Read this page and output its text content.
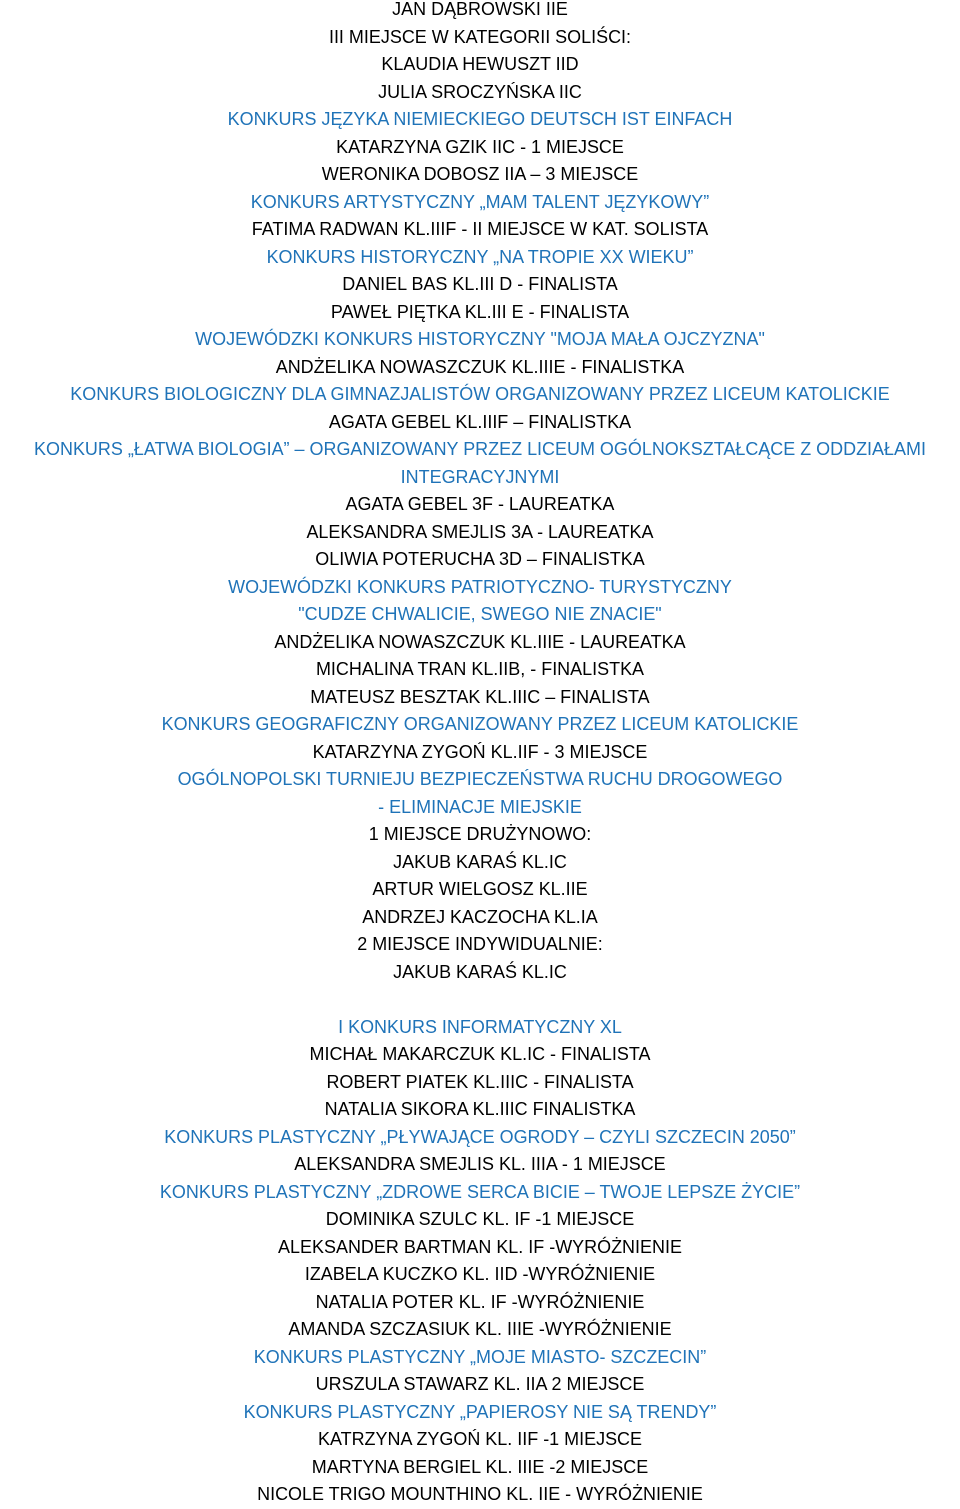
JAN DĄBROWSKI IIE
III MIEJSCE W KATEGORII SOLIŚCI:
KLAUDIA HEWUSZT IID
JULIA SROCZYŃSKA IIC
KONKURS JĘZYKA NIEMIECKIEGO DEUTSCH IST EINFACH
KATARZYNA GZIK IIC - 1 MIEJSCE
WERONIKA DOBOSZ IIA – 3 MIEJSCE
KONKURS ARTYSTYCZNY „MAM TALENT JĘZYKOWY”
FATIMA RADWAN KL.IIIF - II MIEJSCE W KAT. SOLISTA
KONKURS HISTORYCZNY „NA TROPIE XX WIEKU”
DANIEL BAS KL.III D - FINALISTA
PAWEŁ PIĘTKA KL.III E - FINALISTA
WOJEWÓDZKI KONKURS HISTORYCZNY "MOJA MAŁA OJCZYZNA"
ANDŻELIKA NOWASZCZUK KL.IIIE - FINALISTKA
KONKURS BIOLOGICZNY DLA GIMNAZJALISTÓW ORGANIZOWANY PRZEZ LICEUM KATOLICKIE
AGATA GEBEL KL.IIIF – FINALISTKA
KONKURS „ŁATWA BIOLOGIA” – ORGANIZOWANY PRZEZ LICEUM OGÓLNOKSZTAŁCĄCE Z ODDZIAŁAMI
INTEGRACYJNYMI
AGATA GEBEL 3F - LAUREATKA
ALEKSANDRA SMEJLIS 3A - LAUREATKA
OLIWIA POTERUCHA 3D – FINALISTKA
WOJEWÓDZKI KONKURS PATRIOTYCZNO- TURYSTYCZNY
"CUDZE CHWALICIE, SWEGO NIE ZNACIE"
ANDŻELIKA NOWASZCZUK KL.IIIE - LAUREATKA
MICHALINA TRAN KL.IIB, - FINALISTKA
MATEUSZ BESZTAK KL.IIIC – FINALISTA
KONKURS GEOGRAFICZNY ORGANIZOWANY PRZEZ LICEUM KATOLICKIE
KATARZYNA ZYGOŃ KL.IIF - 3 MIEJSCE
OGÓLNOPOLSKI TURNIEJU BEZPIECZEŃSTWA RUCHU DROGOWEGO
- ELIMINACJE MIEJSKIE
1 MIEJSCE DRUŻYNOWO:
JAKUB KARAŚ KL.IC
ARTUR WIELGOSZ KL.IIE
ANDRZEJ KACZOCHA KL.IA
2 MIEJSCE INDYWIDUALNIE:
JAKUB KARAŚ KL.IC
I KONKURS INFORMATYCZNY XL
MICHAŁ MAKARCZUK KL.IC - FINALISTA
ROBERT PIATEK KL.IIIC - FINALISTA
NATALIA SIKORA KL.IIIC FINALISTKA
KONKURS PLASTYCZNY „PŁYWAJĄCE OGRODY – CZYLI SZCZECIN 2050”
ALEKSANDRA SMEJLIS KL. IIIA - 1 MIEJSCE
KONKURS PLASTYCZNY „ZDROWE SERCA BICIE – TWOJE LEPSZE ŻYCIE”
DOMINIKA SZULC KL. IF -1 MIEJSCE
ALEKSANDER BARTMAN KL. IF -WYRÓŻNIENIE
IZABELA KUCZKO KL. IID -WYRÓŻNIENIE
NATALIA POTER KL. IF -WYRÓŻNIENIE
AMANDA SZCZASIUK KL. IIIE -WYRÓŻNIENIE
KONKURS PLASTYCZNY „MOJE MIASTO- SZCZECIN”
URSZULA STAWARZ KL. IIA 2 MIEJSCE
KONKURS PLASTYCZNY „PAPIEROSY NIE SĄ TRENDY”
KATRZYNA ZYGOŃ KL. IIF -1 MIEJSCE
MARTYNA BERGIEL KL. IIIE -2 MIEJSCE
NICOLE TRIGO MOUNTHINO KL. IIE - WYRÓŻNIENIE
